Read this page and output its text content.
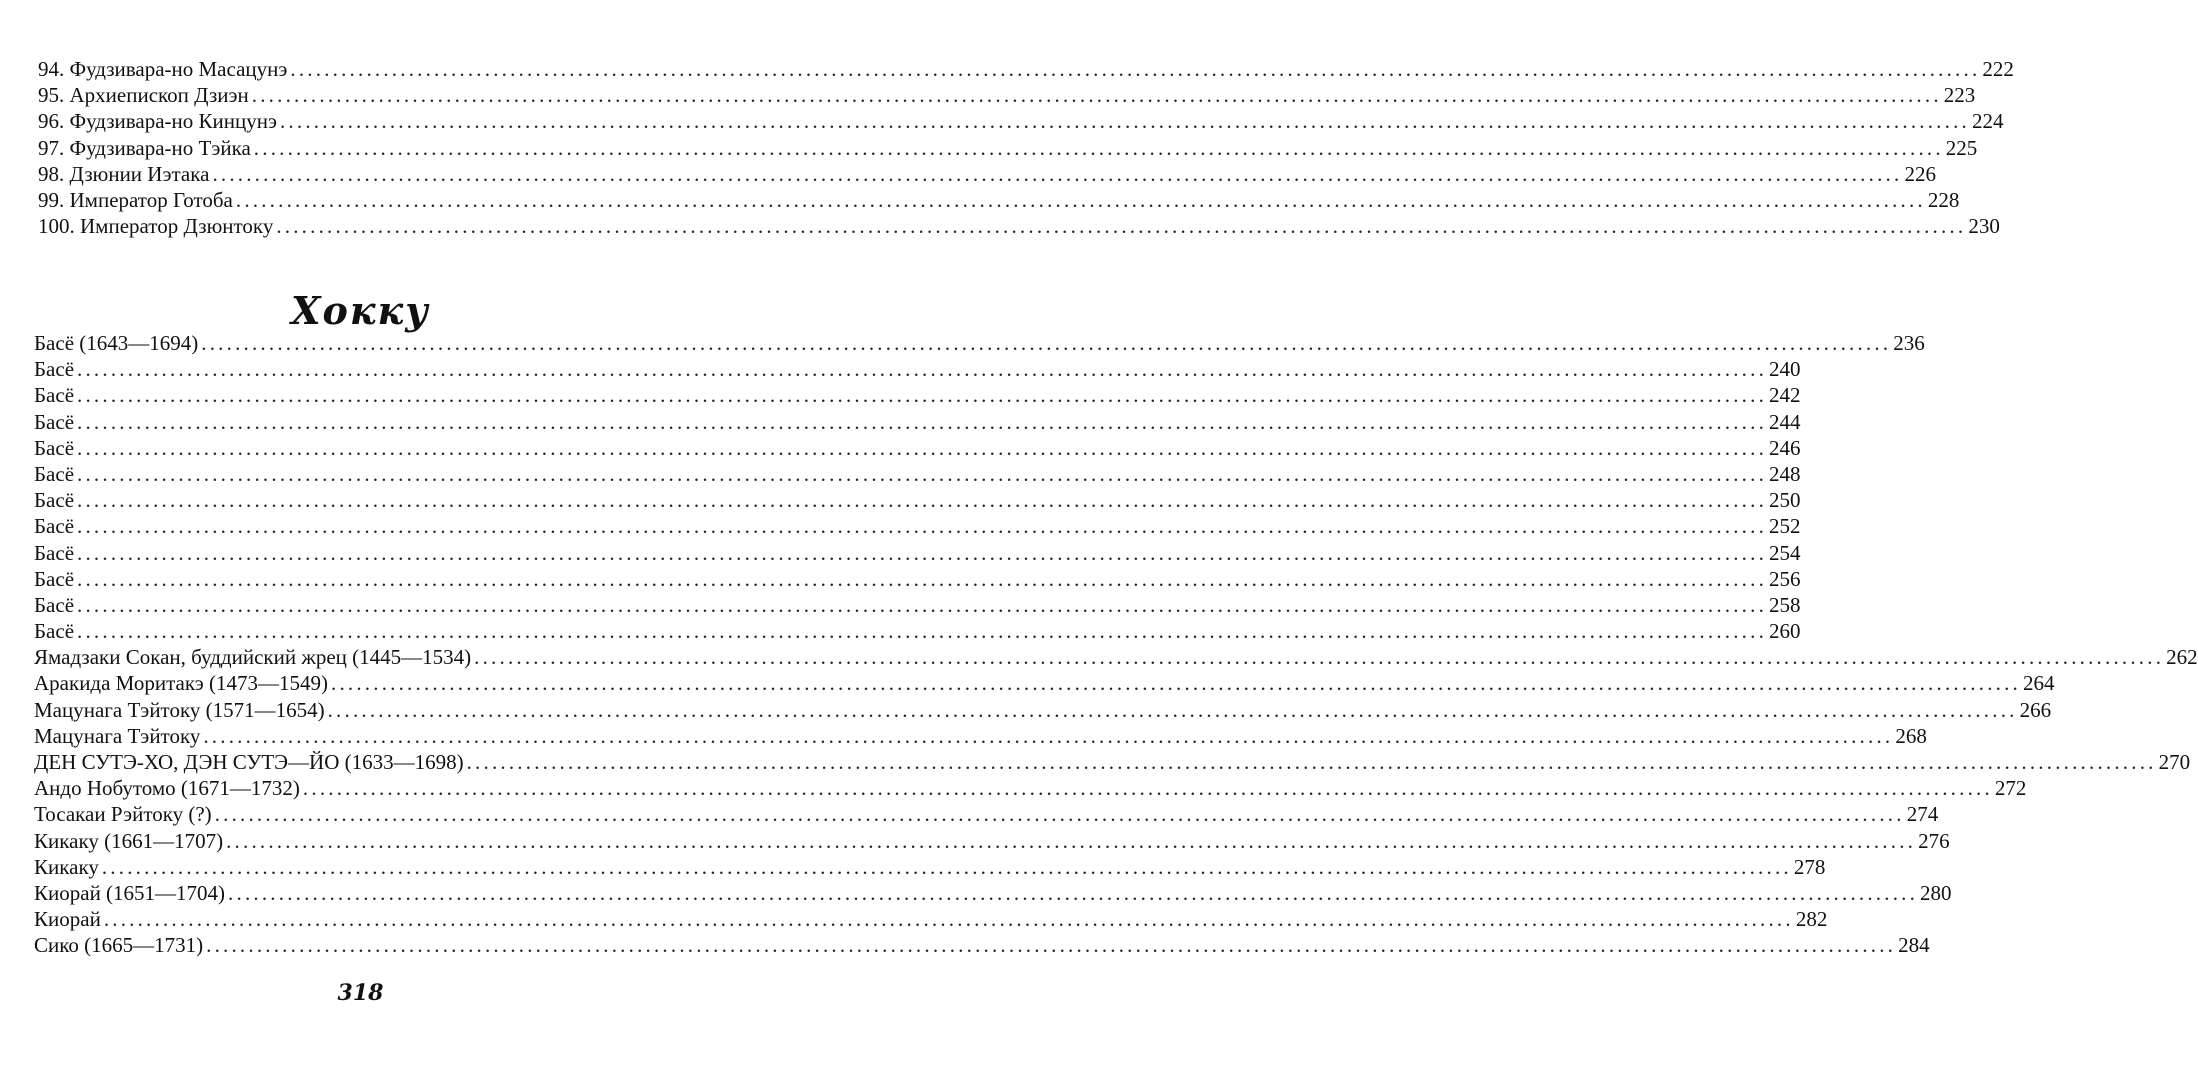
94. Фудзивара-но Масацунэ ........................................................................................................................................................................................................ 222
95. Архиепископ Дзиэн ........................................................................................................................................................................................................ 223
96. Фудзивара-но Кинцунэ ........................................................................................................................................................................................................ 224
97. Фудзивара-но Тэйка ........................................................................................................................................................................................................ 225
98. Дзюнии Иэтака ........................................................................................................................................................................................................ 226
99. Император Готоба ........................................................................................................................................................................................................ 228
100. Император Дзюнтоку ........................................................................................................................................................................................................ 230
Хокку
Басё (1643—1694) ........................................................................................................................................................................................................ 236
Басё ........................................................................................................................................................................................................ 240
Басё ........................................................................................................................................................................................................ 242
Басё ........................................................................................................................................................................................................ 244
Басё ........................................................................................................................................................................................................ 246
Басё ........................................................................................................................................................................................................ 248
Басё ........................................................................................................................................................................................................ 250
Басё ........................................................................................................................................................................................................ 252
Басё ........................................................................................................................................................................................................ 254
Басё ........................................................................................................................................................................................................ 256
Басё ........................................................................................................................................................................................................ 258
Басё ........................................................................................................................................................................................................ 260
Ямадзаки Сокан, буддийский жрец (1445—1534) ........................................................................................................................................................................................................ 262
Аракида Моритакэ (1473—1549) ........................................................................................................................................................................................................ 264
Мацунага Тэйтоку (1571—1654) ........................................................................................................................................................................................................ 266
Мацунага Тэйтоку ........................................................................................................................................................................................................ 268
ДЕН СУТЭ-ХО, ДЭН СУТЭ—ЙО (1633—1698) ........................................................................................................................................................................................................ 270
Андо Нобутомо (1671—1732) ........................................................................................................................................................................................................ 272
Тосакаи Рэйтоку (?) ........................................................................................................................................................................................................ 274
Кикаку (1661—1707) ........................................................................................................................................................................................................ 276
Кикаку ........................................................................................................................................................................................................ 278
Киорай (1651—1704) ........................................................................................................................................................................................................ 280
Киорай ........................................................................................................................................................................................................ 282
Сико (1665—1731) ........................................................................................................................................................................................................ 284
318
